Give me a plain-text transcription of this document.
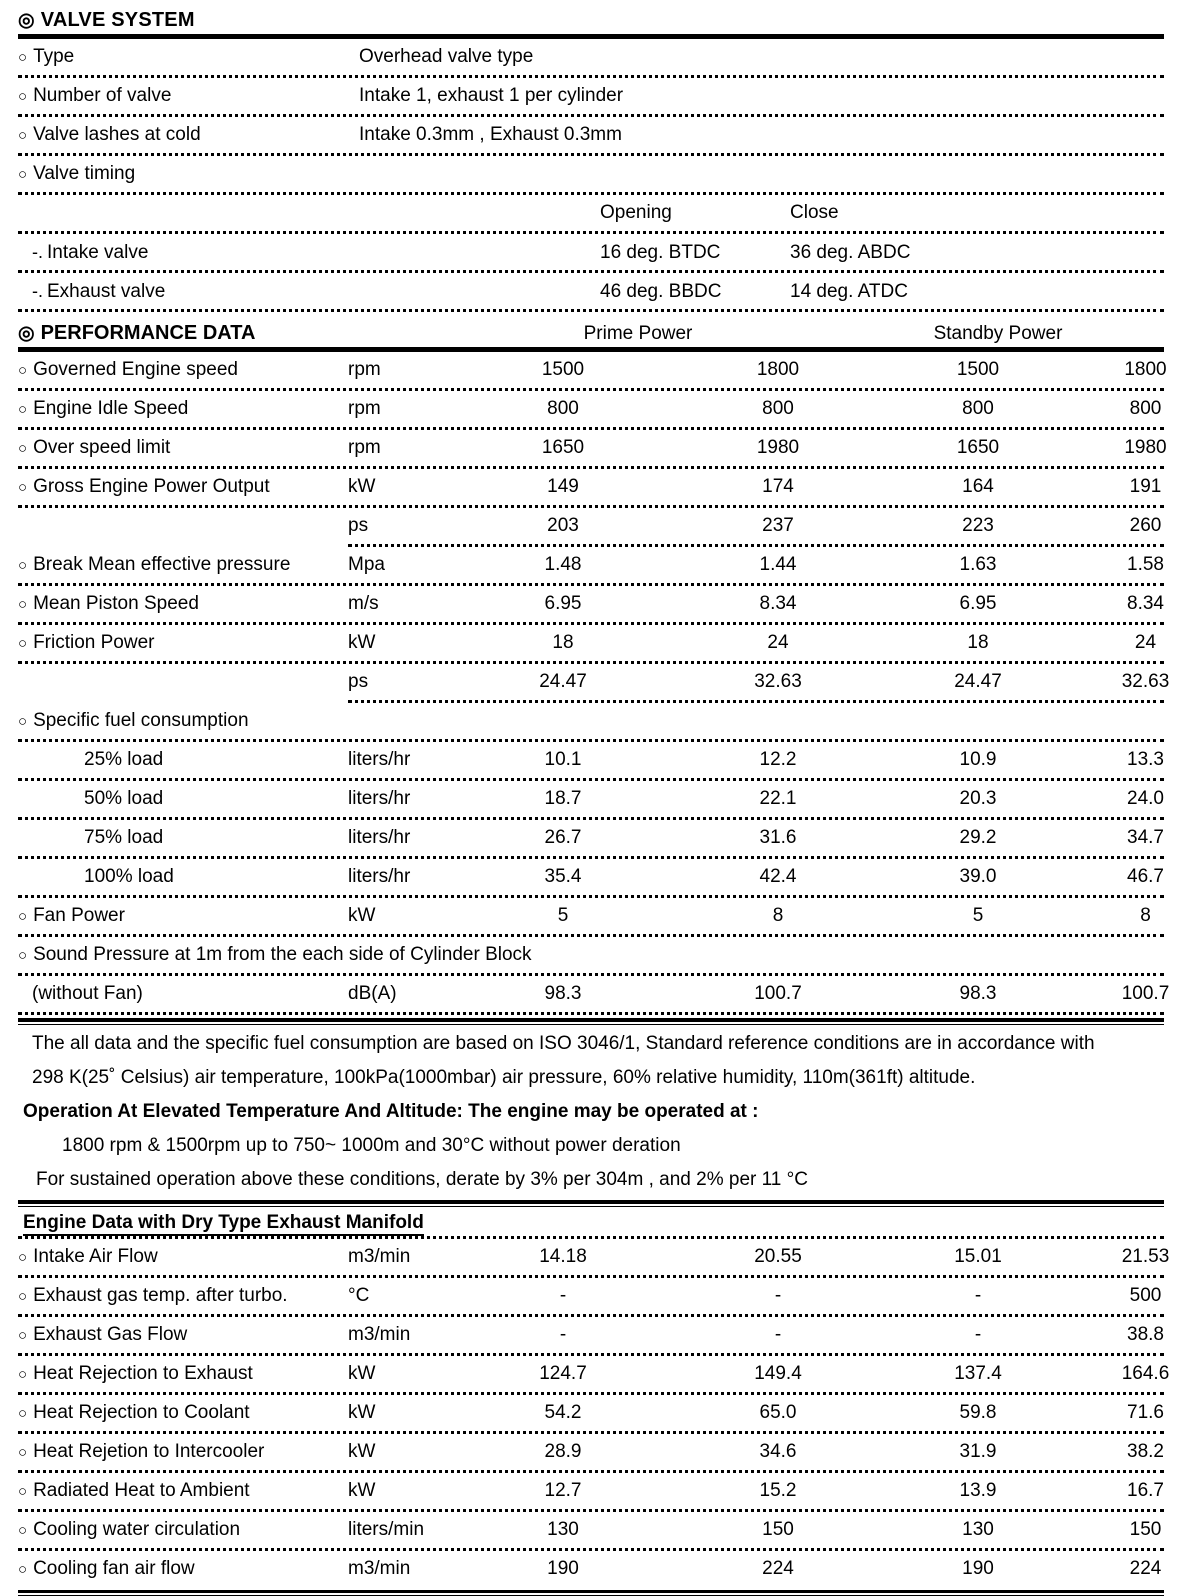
◎ VALVE SYSTEM
○ Type	Overhead valve type
○ Number of valve	Intake 1, exhaust 1 per cylinder
○ Valve lashes at cold	Intake 0.3mm , Exhaust 0.3mm
○ Valve timing
Opening	Close
-. Intake valve	16 deg. BTDC	36 deg. ABDC
-. Exhaust valve	46 deg. BBDC	14 deg. ATDC
◎ PERFORMANCE DATA	Prime Power	Standby Power
○ Governed Engine speed	rpm	1500	1800	1500	1800
○ Engine Idle Speed	rpm	800	800	800	800
○ Over speed limit	rpm	1650	1980	1650	1980
○ Gross Engine Power Output	kW	149	174	164	191
ps	203	237	223	260
○ Break Mean effective pressure	Mpa	1.48	1.44	1.63	1.58
○ Mean Piston Speed	m/s	6.95	8.34	6.95	8.34
○ Friction Power	kW	18	24	18	24
ps	24.47	32.63	24.47	32.63
○ Specific fuel consumption
25% load	liters/hr	10.1	12.2	10.9	13.3
50% load	liters/hr	18.7	22.1	20.3	24.0
75% load	liters/hr	26.7	31.6	29.2	34.7
100% load	liters/hr	35.4	42.4	39.0	46.7
○ Fan Power	kW	5	8	5	8
○ Sound Pressure at 1m from the each side of Cylinder Block
(without Fan)	dB(A)	98.3	100.7	98.3	100.7
The all data and the specific fuel consumption are based on ISO 3046/1, Standard reference conditions are in accordance with
298 K(25˚ Celsius) air temperature, 100kPa(1000mbar) air pressure, 60% relative humidity, 110m(361ft) altitude.
Operation At Elevated Temperature And Altitude: The engine may be operated at :
1800 rpm & 1500rpm up to 750~ 1000m and 30°C without power deration
For sustained operation above these conditions, derate by 3% per 304m , and 2% per 11 °C
Engine Data with Dry Type Exhaust Manifold
○ Intake Air Flow	m3/min	14.18	20.55	15.01	21.53
○ Exhaust gas temp. after turbo.	°C	-	-	-	500
○ Exhaust Gas Flow	m3/min	-	-	-	38.8
○ Heat Rejection to Exhaust	kW	124.7	149.4	137.4	164.6
○ Heat Rejection to Coolant	kW	54.2	65.0	59.8	71.6
○ Heat Rejetion to Intercooler	kW	28.9	34.6	31.9	38.2
○ Radiated Heat to Ambient	kW	12.7	15.2	13.9	16.7
○ Cooling water circulation	liters/min	130	150	130	150
○ Cooling fan air flow	m3/min	190	224	190	224
